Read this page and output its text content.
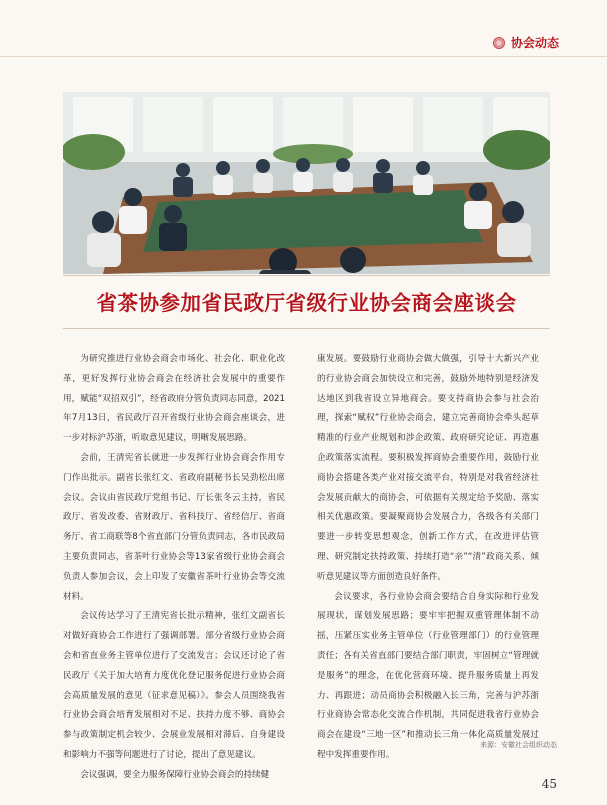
协会动态
省茶协参加省民政厅省级行业协会商会座谈会

为研究推进行业协会商会市场化、社会化、职业化改革，更好发挥行业协会商会在经济社会发展中的重要作用，赋能“双招双引”，经省政府分管负责同志同意，2021年7月13日，省民政厅召开省级行业协会商会座谈会，进一步对标沪苏浙，听取意见建议，明晰发展思路。

会前，王清宪省长就进一步发挥行业协会商会作用专门作出批示。副省长张红文、省政府副秘书长吴劲松出席会议。会议由省民政厅党组书记、厅长张冬云主持，省民政厅、省发改委、省财政厅、省科技厅、省经信厅、省商务厅、省工商联等8个省直部门分管负责同志，各市民政局主要负责同志，省茶叶行业协会等13家省级行业协会商会负责人参加会议，会上印发了安徽省茶叶行业协会等交流材料。

会议传达学习了王清宪省长批示精神，张红文副省长对做好商协会工作进行了强调部署。部分省级行业协会商会和省直业务主管单位进行了交流发言；会议还讨论了省民政厅《关于加大培育力度优化登记服务促进行业协会商会高质量发展的意见（征求意见稿）》。参会人员围绕我省行业协会商会培育发展相对不足、扶持力度不够、商协会参与政策制定机会较少、会展业发展相对滞后、自身建设和影响力不强等问题进行了讨论，提出了意见建议。

会议强调，要全力服务保障行业协会商会的持续健

康发展。要鼓励行业商协会做大做强，引导十大新兴产业的行业协会商会加快设立和完善，鼓励外地特别是经济发达地区到我省设立异地商会。要支持商协会参与社会治理，探索“赋权”行业协会商会，建立完善商协会牵头起草精准的行业产业规划和涉企政策、政府研究论证、再造惠企政策落实流程。要积极发挥商协会重要作用，鼓励行业商协会搭建各类产业对接交流平台，特别是对我省经济社会发展贡献大的商协会，可依据有关规定给予奖励、落实相关优惠政策。要凝聚商协会发展合力，各级各有关部门要进一步转变思想观念，创新工作方式，在改进评估管理、研究制定扶持政策、持续打造“亲”“清”政商关系、倾听意见建议等方面创造良好条件。

会议要求，各行业协会商会要结合自身实际和行业发展现状，谋划发展思路；要牢牢把握双重管理体制不动摇，压紧压实业务主管单位（行业管理部门）的行业管理责任；各有关省直部门要结合部门职责，牢固树立“管理就是服务”的理念，在优化营商环境、提升服务质量上再发力、再跟进；动员商协会积极融入长三角，完善与沪苏浙行业商协会常态化交流合作机制，共同促进我省行业协会商会在建设“三地一区”和推动长三角一体化高质量发展过程中发挥重要作用。

来源：安徽社会组织动态
45
